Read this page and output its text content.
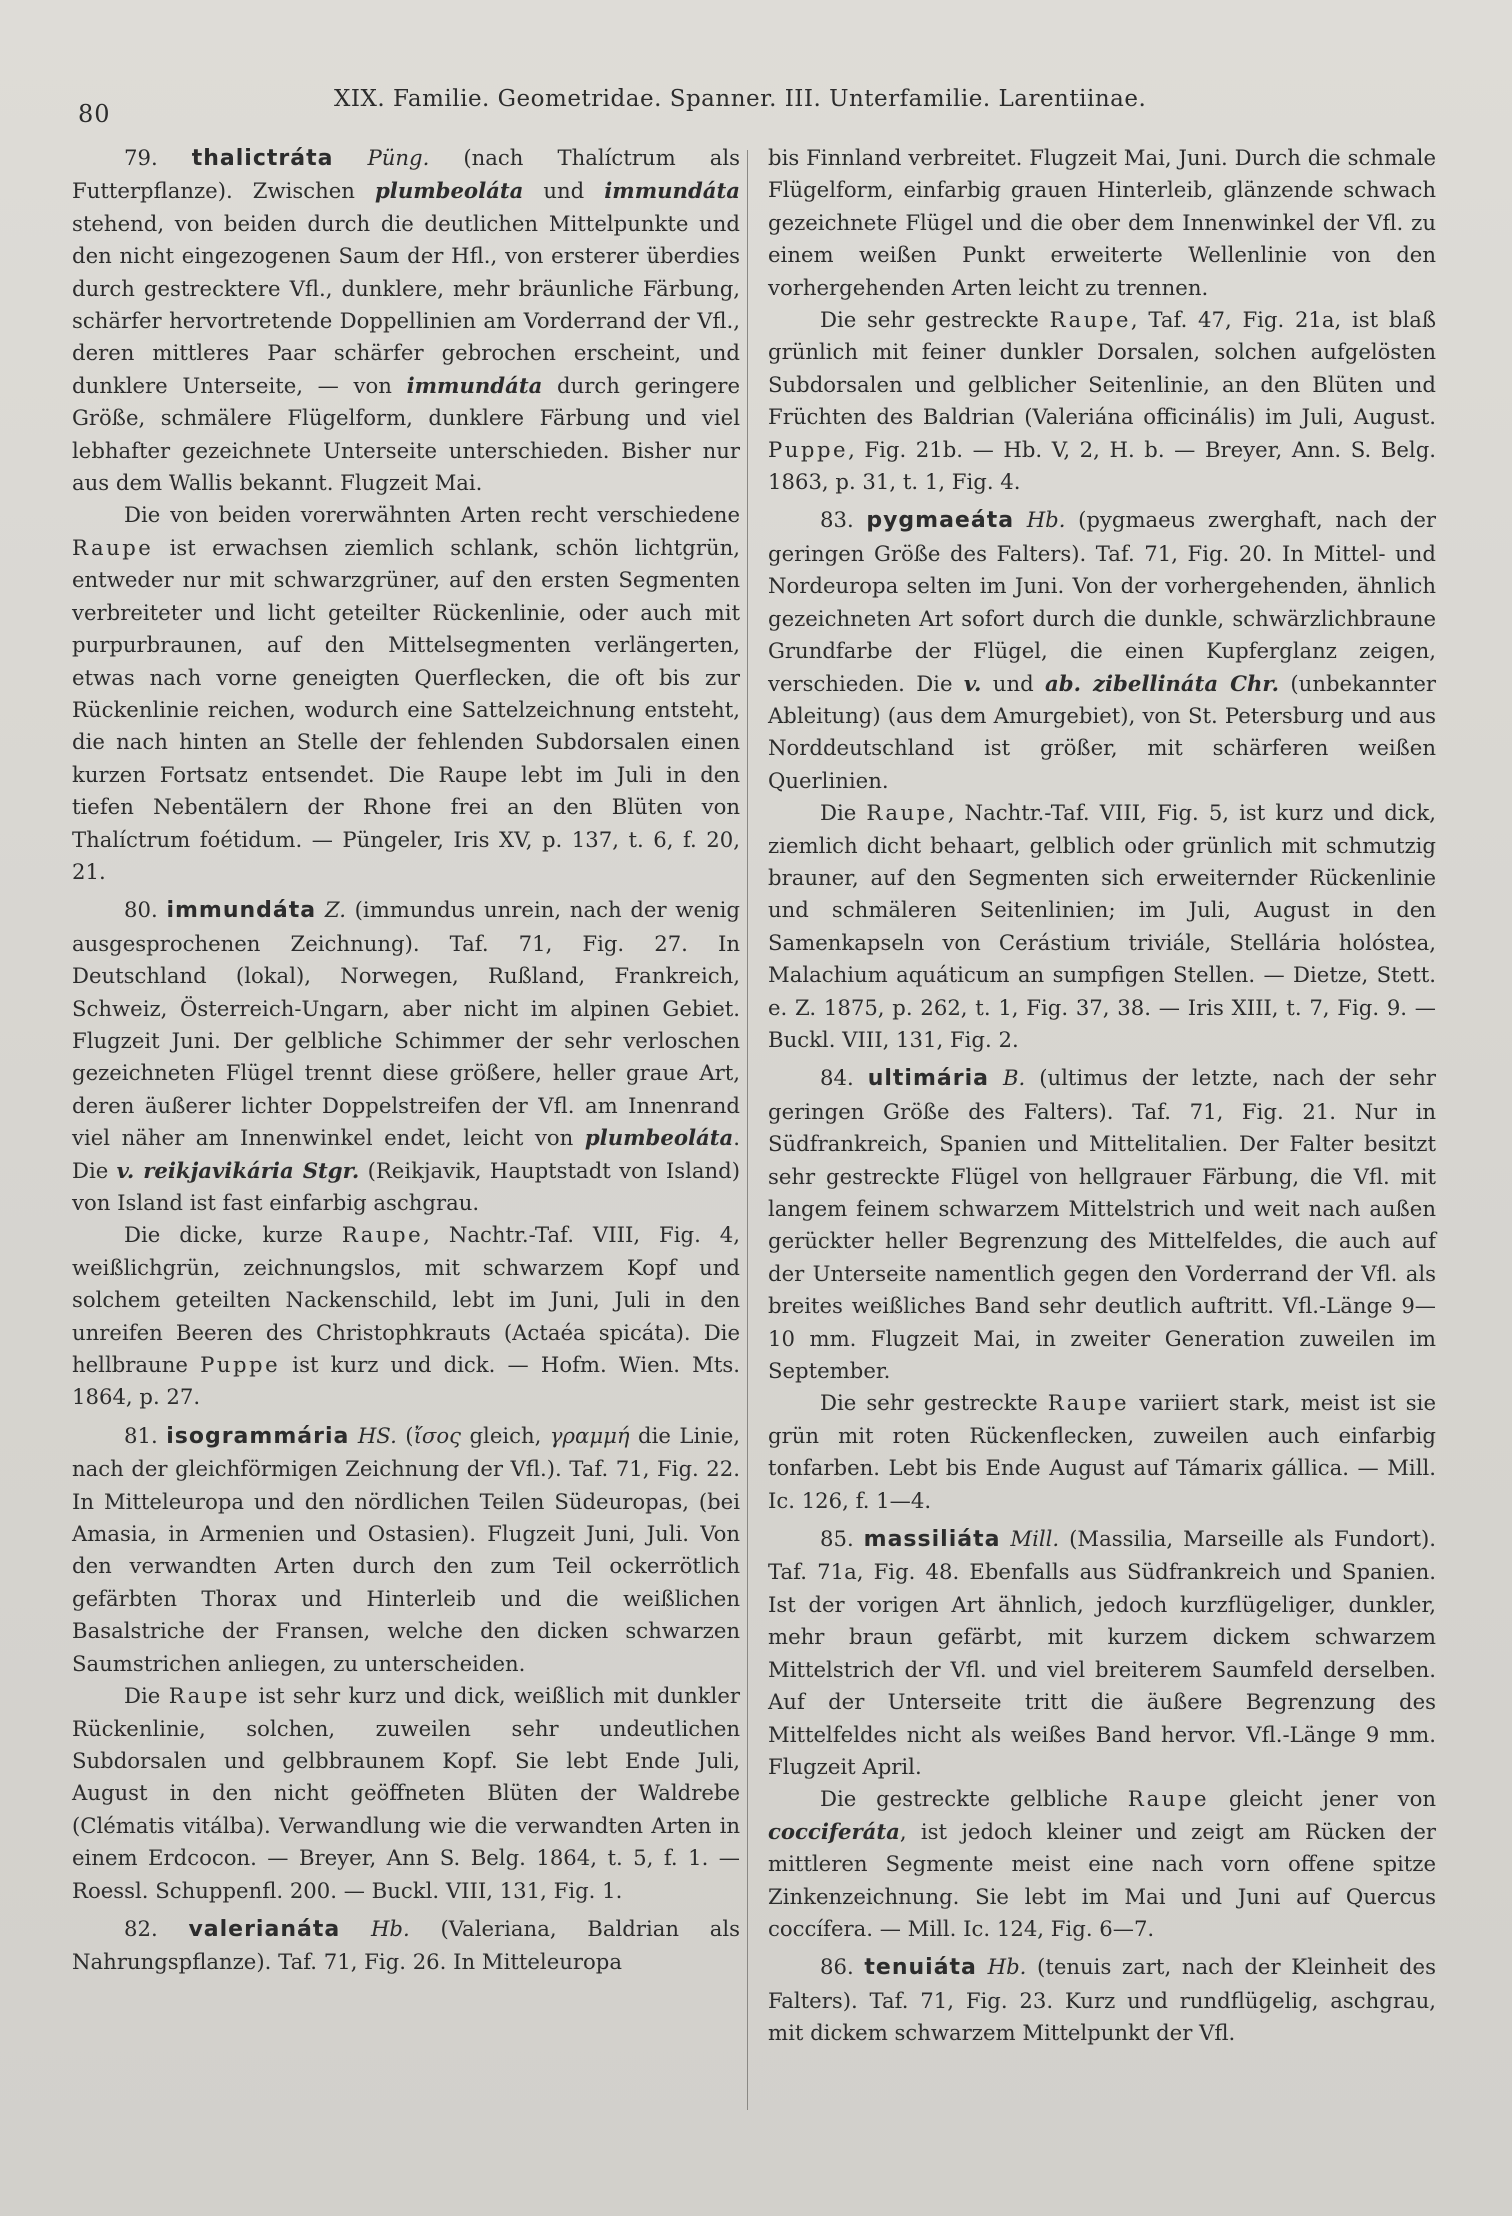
80
XIX. Familie. Geometridae. Spanner. III. Unterfamilie. Larentiinae.

79. thalictráta Püng. (nach Thalíctrum als Futterpflanze). Zwischen plumbeoláta und immundáta stehend, von beiden durch die deutlichen Mittelpunkte und den nicht eingezogenen Saum der Hfl., von ersterer überdies durch gestrecktere Vfl., dunklere, mehr bräunliche Färbung, schärfer hervortretende Doppellinien am Vorderrand der Vfl., deren mittleres Paar schärfer gebrochen erscheint, und dunklere Unterseite, — von immundáta durch geringere Größe, schmälere Flügelform, dunklere Färbung und viel lebhafter gezeichnete Unterseite unterschieden. Bisher nur aus dem Wallis bekannt. Flugzeit Mai.

Die von beiden vorerwähnten Arten recht verschiedene Raupe ist erwachsen ziemlich schlank, schön lichtgrün, entweder nur mit schwarzgrüner, auf den ersten Segmenten verbreiteter und licht geteilter Rückenlinie, oder auch mit purpurbraunen, auf den Mittelsegmenten verlängerten, etwas nach vorne geneigten Querflecken, die oft bis zur Rückenlinie reichen, wodurch eine Sattelzeichnung entsteht, die nach hinten an Stelle der fehlenden Subdorsalen einen kurzen Fortsatz entsendet. Die Raupe lebt im Juli in den tiefen Nebentälern der Rhone frei an den Blüten von Thalíctrum foétidum. — Püngeler, Iris XV, p. 137, t. 6, f. 20, 21.

80. immundáta Z. (immundus unrein, nach der wenig ausgesprochenen Zeichnung). Taf. 71, Fig. 27. In Deutschland (lokal), Norwegen, Rußland, Frankreich, Schweiz, Österreich-Ungarn, aber nicht im alpinen Gebiet. Flugzeit Juni. Der gelbliche Schimmer der sehr verloschen gezeichneten Flügel trennt diese größere, heller graue Art, deren äußerer lichter Doppelstreifen der Vfl. am Innenrand viel näher am Innenwinkel endet, leicht von plumbeoláta. Die v. reikjavikária Stgr. (Reikjavik, Hauptstadt von Island) von Island ist fast einfarbig aschgrau.

Die dicke, kurze Raupe, Nachtr.-Taf. VIII, Fig. 4, weißlichgrün, zeichnungslos, mit schwarzem Kopf und solchem geteilten Nackenschild, lebt im Juni, Juli in den unreifen Beeren des Christophkrauts (Actaéa spicáta). Die hellbraune Puppe ist kurz und dick. — Hofm. Wien. Mts. 1864, p. 27.

81. isogrammária HS. (ἴσος gleich, γραμμή die Linie, nach der gleichförmigen Zeichnung der Vfl.). Taf. 71, Fig. 22. In Mitteleuropa und den nördlichen Teilen Südeuropas, (bei Amasia, in Armenien und Ostasien). Flugzeit Juni, Juli. Von den verwandten Arten durch den zum Teil ockerrötlich gefärbten Thorax und Hinterleib und die weißlichen Basalstriche der Fransen, welche den dicken schwarzen Saumstrichen anliegen, zu unterscheiden.

Die Raupe ist sehr kurz und dick, weißlich mit dunkler Rückenlinie, solchen, zuweilen sehr undeutlichen Subdorsalen und gelbbraunem Kopf. Sie lebt Ende Juli, August in den nicht geöffneten Blüten der Waldrebe (Clématis vitálba). Verwandlung wie die verwandten Arten in einem Erdcocon. — Breyer, Ann S. Belg. 1864, t. 5, f. 1. — Roessl. Schuppenfl. 200. — Buckl. VIII, 131, Fig. 1.

82. valerianáta Hb. (Valeriana, Baldrian als Nahrungspflanze). Taf. 71, Fig. 26. In Mitteleuropa

bis Finnland verbreitet. Flugzeit Mai, Juni. Durch die schmale Flügelform, einfarbig grauen Hinterleib, glänzende schwach gezeichnete Flügel und die ober dem Innenwinkel der Vfl. zu einem weißen Punkt erweiterte Wellenlinie von den vorhergehenden Arten leicht zu trennen.

Die sehr gestreckte Raupe, Taf. 47, Fig. 21a, ist blaß grünlich mit feiner dunkler Dorsalen, solchen aufgelösten Subdorsalen und gelblicher Seitenlinie, an den Blüten und Früchten des Baldrian (Valeriána officinális) im Juli, August. Puppe, Fig. 21b. — Hb. V, 2, H. b. — Breyer, Ann. S. Belg. 1863, p. 31, t. 1, Fig. 4.

83. pygmaeáta Hb. (pygmaeus zwerghaft, nach der geringen Größe des Falters). Taf. 71, Fig. 20. In Mittel- und Nordeuropa selten im Juni. Von der vorhergehenden, ähnlich gezeichneten Art sofort durch die dunkle, schwärzlichbraune Grundfarbe der Flügel, die einen Kupferglanz zeigen, verschieden. Die v. und ab. zibellináta Chr. (unbekannter Ableitung) (aus dem Amurgebiet), von St. Petersburg und aus Norddeutschland ist größer, mit schärferen weißen Querlinien.

Die Raupe, Nachtr.-Taf. VIII, Fig. 5, ist kurz und dick, ziemlich dicht behaart, gelblich oder grünlich mit schmutzig brauner, auf den Segmenten sich erweiternder Rückenlinie und schmäleren Seitenlinien; im Juli, August in den Samenkapseln von Cerástium triviále, Stellária holóstea, Malachium aquáticum an sumpfigen Stellen. — Dietze, Stett. e. Z. 1875, p. 262, t. 1, Fig. 37, 38. — Iris XIII, t. 7, Fig. 9. — Buckl. VIII, 131, Fig. 2.

84. ultimária B. (ultimus der letzte, nach der sehr geringen Größe des Falters). Taf. 71, Fig. 21. Nur in Südfrankreich, Spanien und Mittelitalien. Der Falter besitzt sehr gestreckte Flügel von hellgrauer Färbung, die Vfl. mit langem feinem schwarzem Mittelstrich und weit nach außen gerückter heller Begrenzung des Mittelfeldes, die auch auf der Unterseite namentlich gegen den Vorderrand der Vfl. als breites weißliches Band sehr deutlich auftritt. Vfl.-Länge 9—10 mm. Flugzeit Mai, in zweiter Generation zuweilen im September.

Die sehr gestreckte Raupe variiert stark, meist ist sie grün mit roten Rückenflecken, zuweilen auch einfarbig tonfarben. Lebt bis Ende August auf Támarix gállica. — Mill. Ic. 126, f. 1—4.

85. massiliáta Mill. (Massilia, Marseille als Fundort). Taf. 71a, Fig. 48. Ebenfalls aus Südfrankreich und Spanien. Ist der vorigen Art ähnlich, jedoch kurzflügeliger, dunkler, mehr braun gefärbt, mit kurzem dickem schwarzem Mittelstrich der Vfl. und viel breiterem Saumfeld derselben. Auf der Unterseite tritt die äußere Begrenzung des Mittelfeldes nicht als weißes Band hervor. Vfl.-Länge 9 mm. Flugzeit April.

Die gestreckte gelbliche Raupe gleicht jener von cocciferáta, ist jedoch kleiner und zeigt am Rücken der mittleren Segmente meist eine nach vorn offene spitze Zinkenzeichnung. Sie lebt im Mai und Juni auf Quercus coccífera. — Mill. Ic. 124, Fig. 6—7.

86. tenuiáta Hb. (tenuis zart, nach der Kleinheit des Falters). Taf. 71, Fig. 23. Kurz und rundflügelig, aschgrau, mit dickem schwarzem Mittelpunkt der Vfl.
